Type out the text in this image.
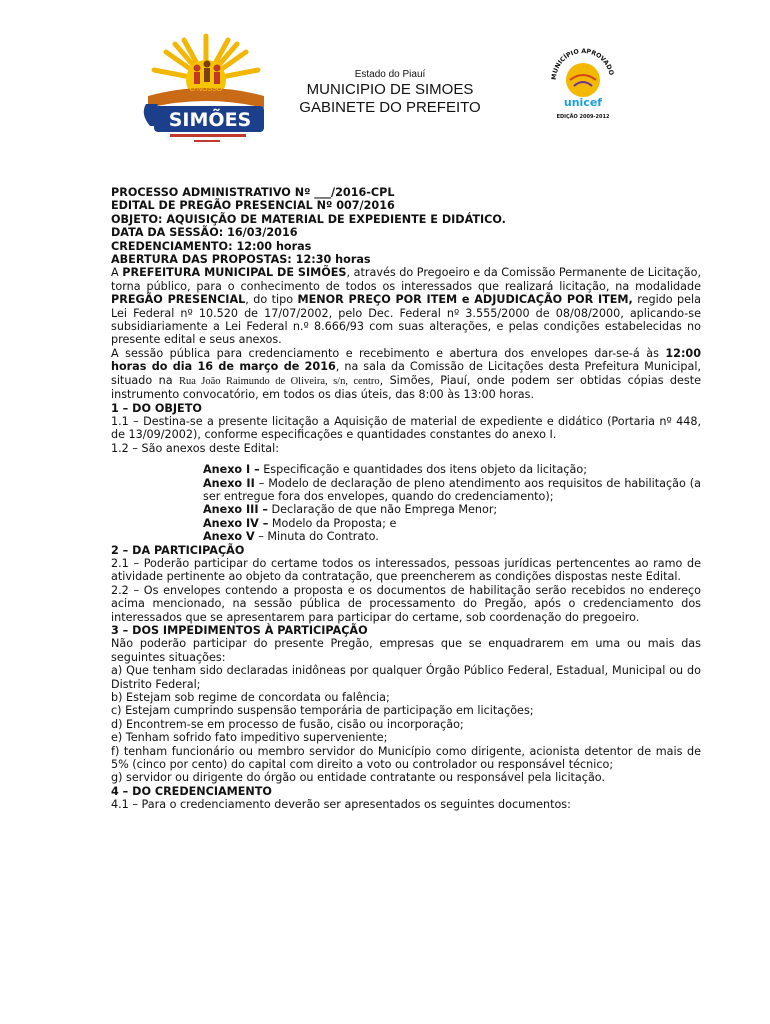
O NOSSO
SIMÕES
Estado do Piauí
MUNICIPIO DE SIMOES
GABINETE DO PREFEITO
MUNICÍPIO APROVADO
unicef
EDIÇÃO 2009-2012

PROCESSO ADMINISTRATIVO Nº ___/2016-CPL

EDITAL DE PREGÃO PRESENCIAL Nº 007/2016

OBJETO: AQUISIÇÃO DE MATERIAL DE EXPEDIENTE E DIDÁTICO.

DATA DA SESSÃO: 16/03/2016

CREDENCIAMENTO: 12:00 horas

ABERTURA DAS PROPOSTAS: 12:30 horas

A PREFEITURA MUNICIPAL DE SIMÕES, através do Pregoeiro e da Comissão Permanente de Licitação, torna público, para o conhecimento de todos os interessados que realizará licitação, na modalidade PREGÃO PRESENCIAL, do tipo MENOR PREÇO POR ITEM e ADJUDICAÇÃO POR ITEM, regido pela Lei Federal nº 10.520 de 17/07/2002, pelo Dec. Federal nº 3.555/2000 de 08/08/2000, aplicando-se subsidiariamente a Lei Federal n.º 8.666/93 com suas alterações, e pelas condições estabelecidas no presente edital e seus anexos.

A sessão pública para credenciamento e recebimento e abertura dos envelopes dar-se-á às 12:00 horas do dia 16 de março de 2016, na sala da Comissão de Licitações desta Prefeitura Municipal, situado na Rua João Raimundo de Oliveira, s/n, centro, Simões, Piauí, onde podem ser obtidas cópias deste instrumento convocatório, em todos os dias úteis, das 8:00 às 13:00 horas.

1 – DO OBJETO

1.1 – Destina-se a presente licitação a Aquisição de material de expediente e didático (Portaria nº 448, de 13/09/2002), conforme especificações e quantidades constantes do anexo I.

1.2 – São anexos deste Edital:

Anexo I – Especificação e quantidades dos itens objeto da licitação;

Anexo II – Modelo de declaração de pleno atendimento aos requisitos de habilitação (a ser entregue fora dos envelopes, quando do credenciamento);

Anexo III – Declaração de que não Emprega Menor;

Anexo IV – Modelo da Proposta; e

Anexo V – Minuta do Contrato.

2 – DA PARTICIPAÇÃO

2.1 – Poderão participar do certame todos os interessados, pessoas jurídicas pertencentes ao ramo de atividade pertinente ao objeto da contratação, que preencherem as condições dispostas neste Edital.

2.2 – Os envelopes contendo a proposta e os documentos de habilitação serão recebidos no endereço acima mencionado, na sessão pública de processamento do Pregão, após o credenciamento dos interessados que se apresentarem para participar do certame, sob coordenação do pregoeiro.

3 – DOS IMPEDIMENTOS À PARTICIPAÇÃO

Não poderão participar do presente Pregão, empresas que se enquadrarem em uma ou mais das seguintes situações:

a) Que tenham sido declaradas inidôneas por qualquer Órgão Público Federal, Estadual, Municipal ou do Distrito Federal;

b) Estejam sob regime de concordata ou falência;

c) Estejam cumprindo suspensão temporária de participação em licitações;

d) Encontrem-se em processo de fusão, cisão ou incorporação;

e) Tenham sofrido fato impeditivo superveniente;

f) tenham funcionário ou membro servidor do Município como dirigente, acionista detentor de mais de 5% (cinco por cento) do capital com direito a voto ou controlador ou responsável técnico;

g) servidor ou dirigente do órgão ou entidade contratante ou responsável pela licitação.

4 – DO CREDENCIAMENTO

4.1 – Para o credenciamento deverão ser apresentados os seguintes documentos:
